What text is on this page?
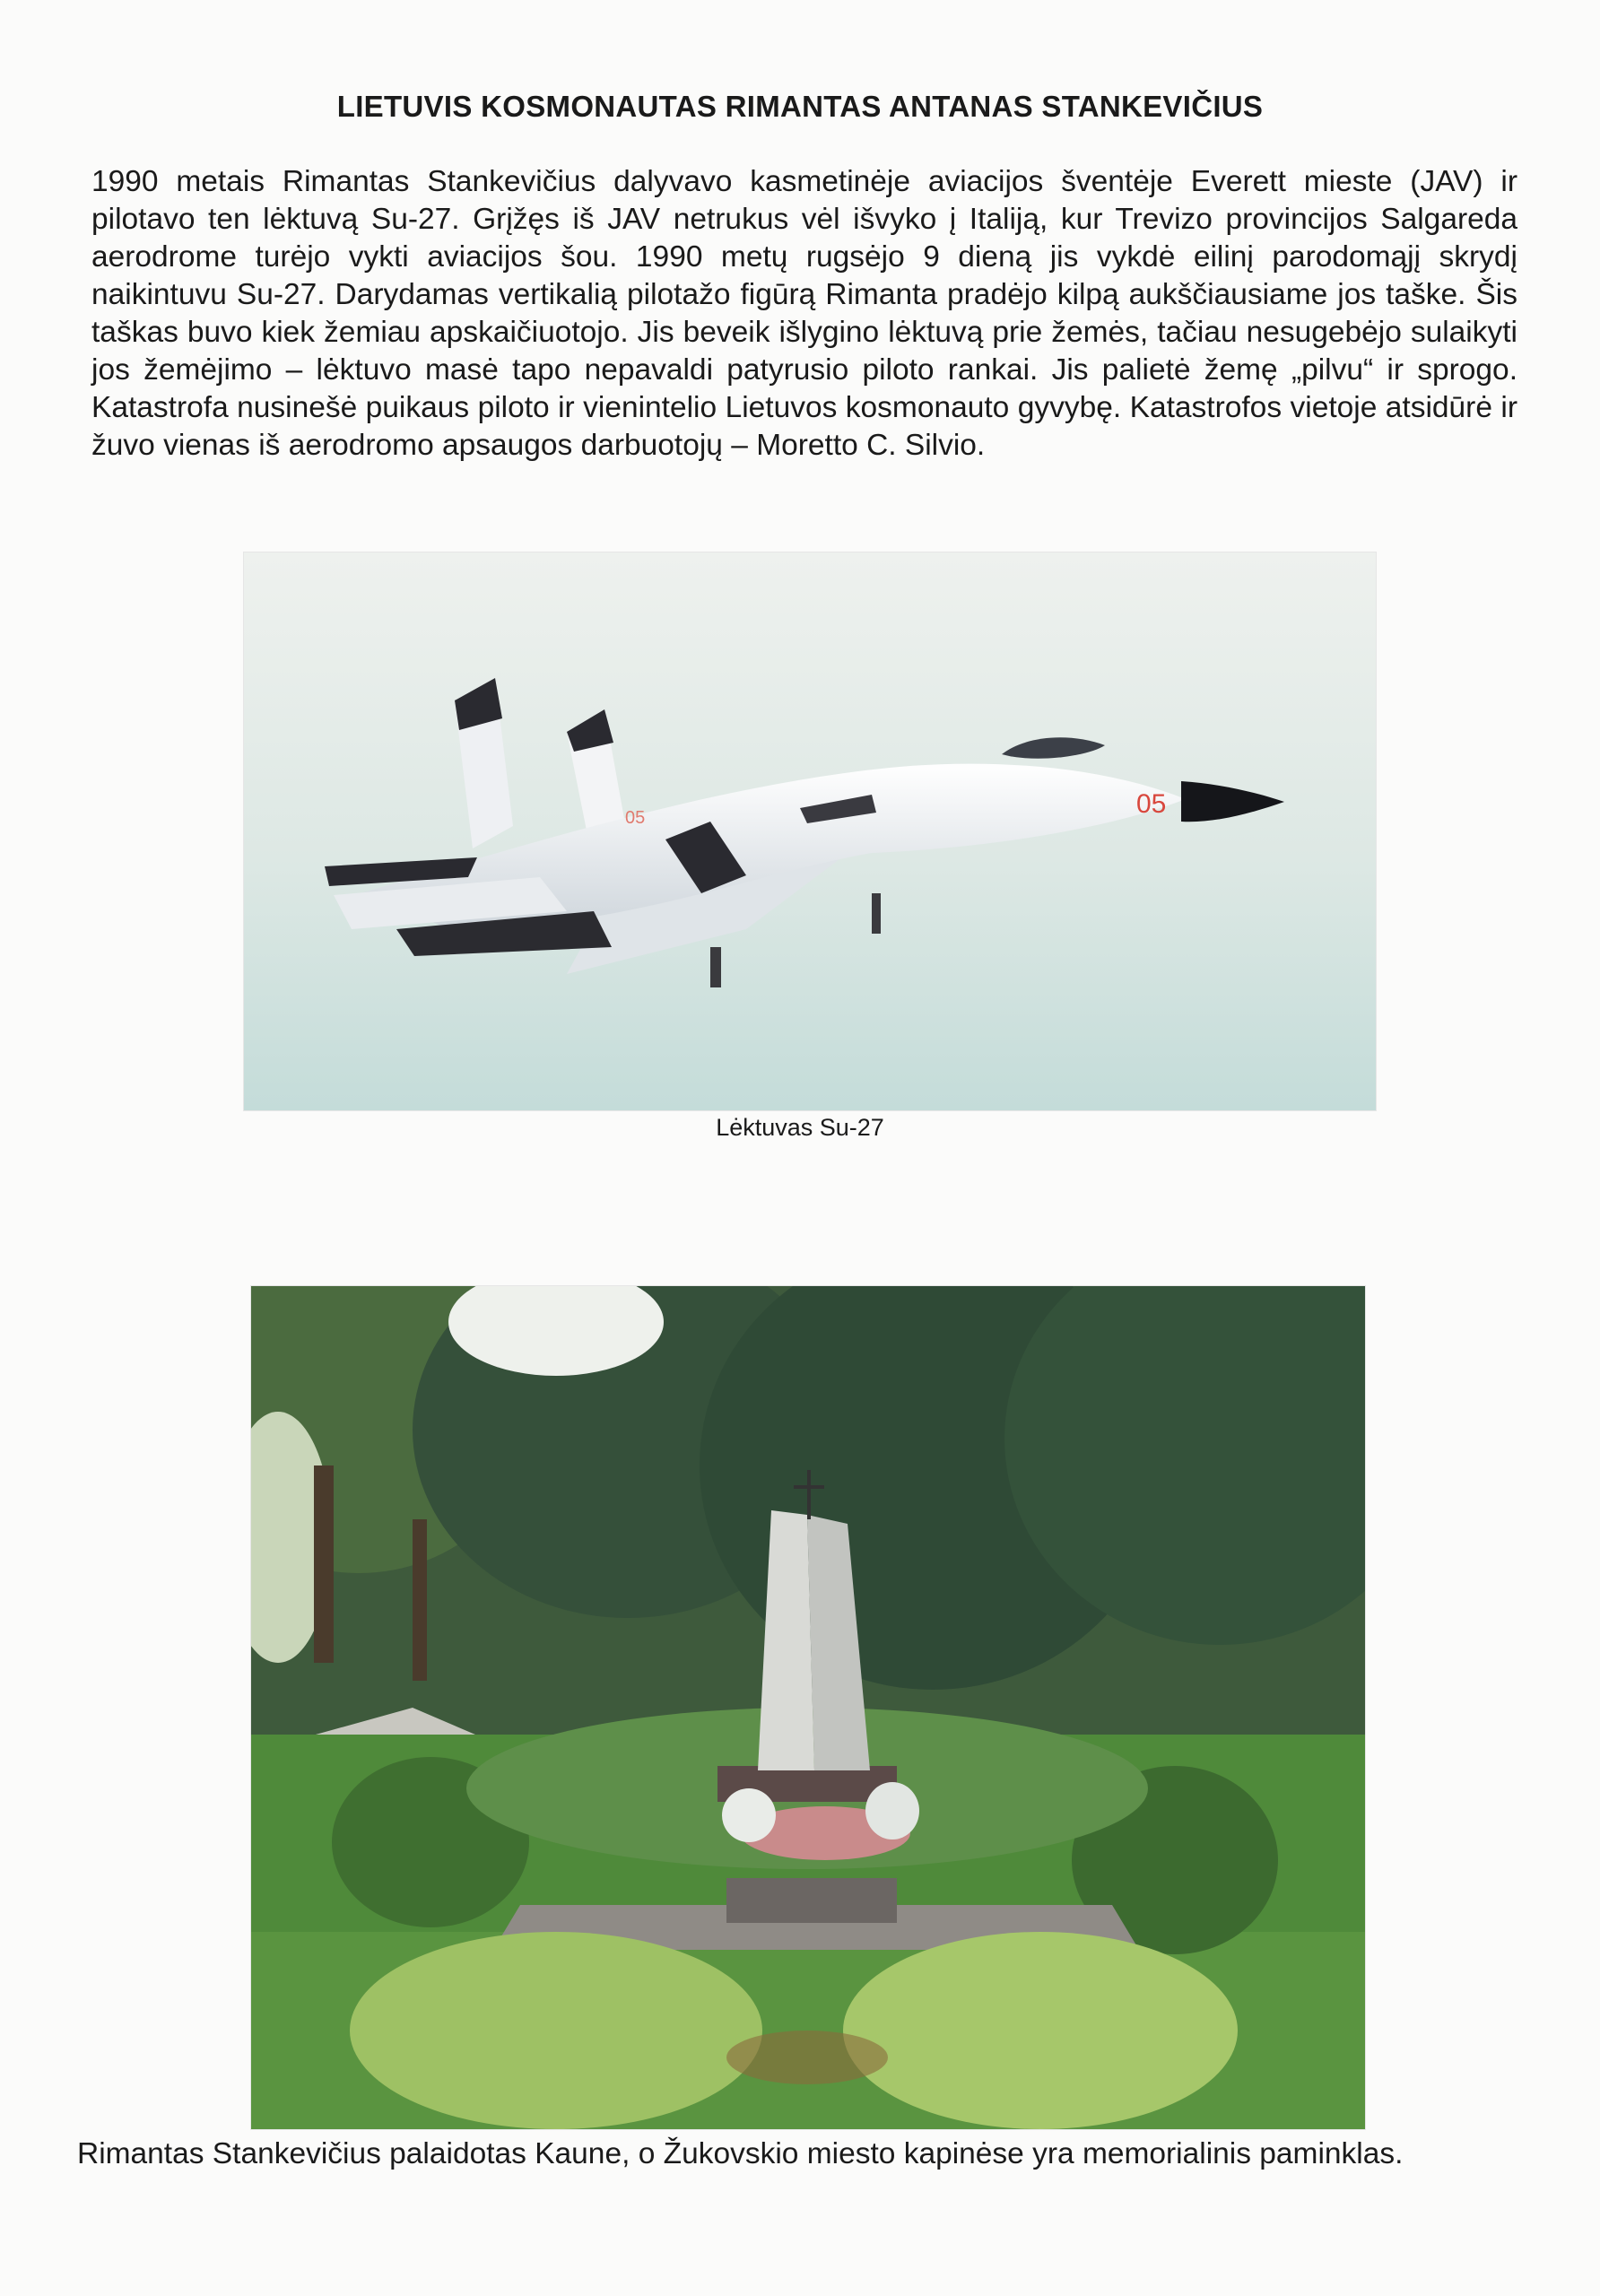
LIETUVIS KOSMONAUTAS RIMANTAS ANTANAS STANKEVIČIUS
1990 metais Rimantas Stankevičius dalyvavo kasmetinėje aviacijos šventėje Everett mieste (JAV) ir pilotavo ten lėktuvą Su-27. Grįžęs iš JAV netrukus vėl išvyko į Italiją, kur Trevizo provincijos Salgareda aerodrome turėjo vykti aviacijos šou. 1990 metų rugsėjo 9 dieną jis vykdė eilinį parodomąjį skrydį naikintuvu Su-27. Darydamas vertikalią pilotažo figūrą Rimanta pradėjo kilpą aukščiausiame jos taške. Šis taškas buvo kiek žemiau apskaičiuotojo. Jis beveik išlygino lėktuvą prie žemės, tačiau nesugebėjo sulaikyti jos žemėjimo – lėktuvo masė tapo nepavaldi patyrusio piloto rankai. Jis palietė žemę „pilvu“ ir sprogo. Katastrofa nusinešė puikaus piloto ir vienintelio Lietuvos kosmonauto gyvybę. Katastrofos vietoje atsidūrė ir žuvo vienas iš aerodromo apsaugos darbuotojų – Moretto C. Silvio.
05
05
Lėktuvas Su-27
Rimantas Stankevičius palaidotas Kaune, o Žukovskio miesto kapinėse yra memorialinis paminklas.
